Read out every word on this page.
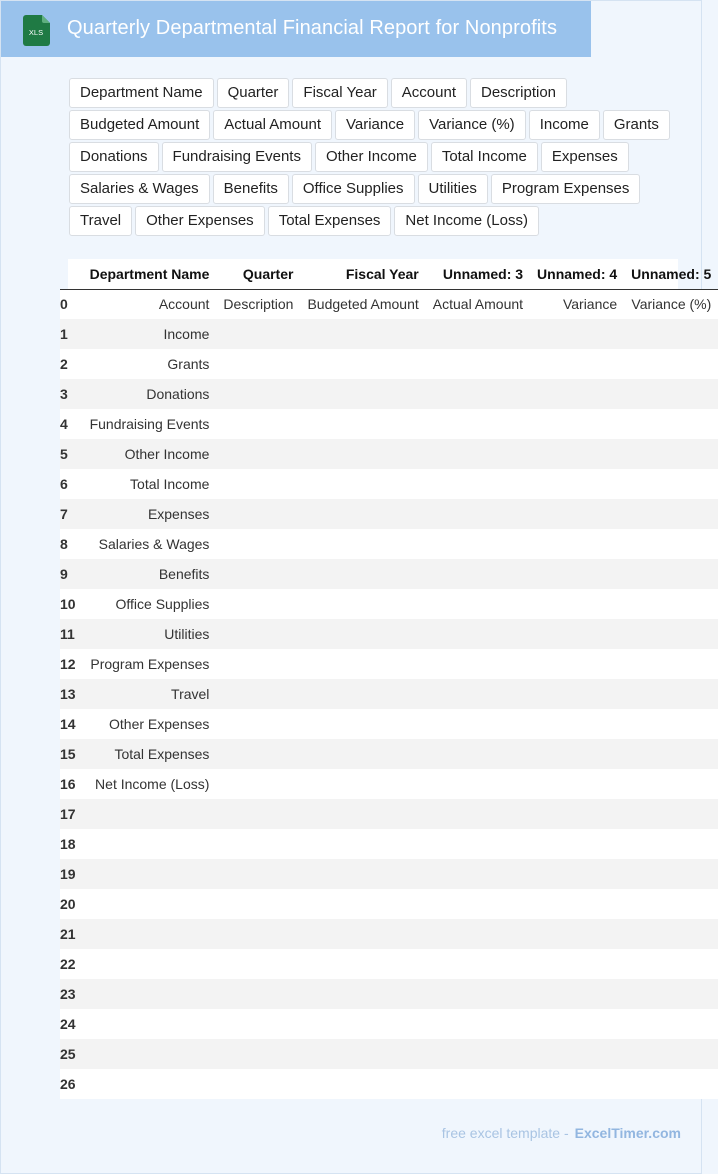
XLS Quarterly Departmental Financial Report for Nonprofits
Department Name	Quarter	Fiscal Year	Account	Description
Budgeted Amount	Actual Amount	Variance	Variance (%)	Income	Grants
Donations	Fundraising Events	Other Income	Total Income	Expenses
Salaries & Wages	Benefits	Office Supplies	Utilities	Program Expenses
Travel	Other Expenses	Total Expenses	Net Income (Loss)
	Department Name	Quarter	Fiscal Year	Unnamed: 3	Unnamed: 4	Unnamed: 5
0	Account	Description	Budgeted Amount	Actual Amount	Variance	Variance (%)
1	Income					
2	Grants					
3	Donations					
4	Fundraising Events					
5	Other Income					
6	Total Income					
7	Expenses					
8	Salaries & Wages					
9	Benefits					
10	Office Supplies					
11	Utilities					
12	Program Expenses					
13	Travel					
14	Other Expenses					
15	Total Expenses					
16	Net Income (Loss)					
17						
18						
19						
20						
21						
22						
23						
24						
25						
26						
free excel template - ExcelTimer.com
